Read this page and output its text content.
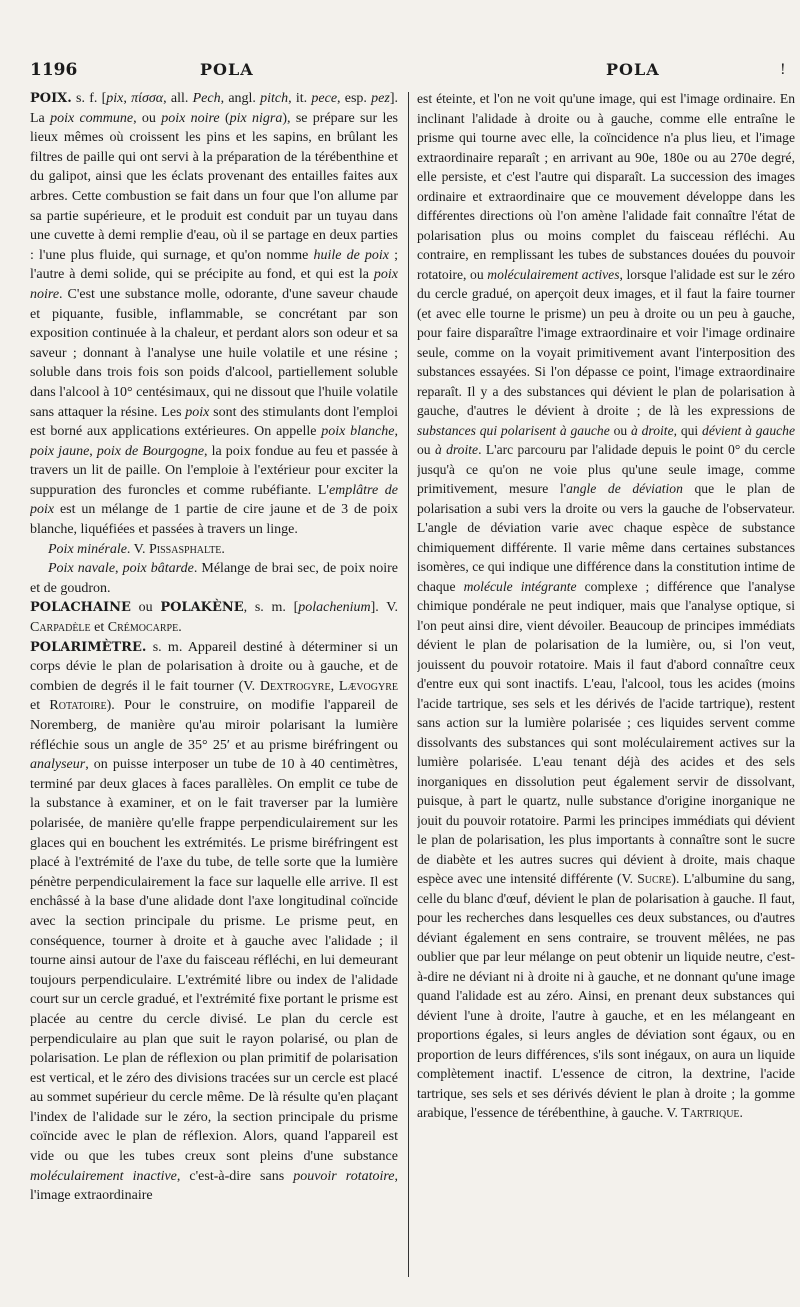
1196	POLA	POLA	!

POIX. s. f. [pix, πίσσα, all. Pech, angl. pitch, it. pece, esp. pez]. La poix commune, ou poix noire (pix nigra), se prépare sur les lieux mêmes où croissent les pins et les sapins, en brûlant les filtres de paille qui ont servi à la préparation de la térébenthine et du galipot, ainsi que les éclats provenant des entailles faites aux arbres. Cette combustion se fait dans un four que l'on allume par sa partie supérieure, et le produit est conduit par un tuyau dans une cuvette à demi remplie d'eau, où il se partage en deux parties : l'une plus fluide, qui surnage, et qu'on nomme huile de poix ; l'autre à demi solide, qui se précipite au fond, et qui est la poix noire. C'est une substance molle, odorante, d'une saveur chaude et piquante, fusible, inflammable, se concrétant par son exposition continuée à la chaleur, et perdant alors son odeur et sa saveur ; donnant à l'analyse une huile volatile et une résine ; soluble dans trois fois son poids d'alcool, partiellement soluble dans l'alcool à 10° centésimaux, qui ne dissout que l'huile volatile sans attaquer la résine. Les poix sont des stimulants dont l'emploi est borné aux applications extérieures. On appelle poix blanche, poix jaune, poix de Bourgogne, la poix fondue au feu et passée à travers un lit de paille. On l'emploie à l'extérieur pour exciter la suppuration des furoncles et comme rubéfiante. L'emplâtre de poix est un mélange de 1 partie de cire jaune et de 3 de poix blanche, liquéfiées et passées à travers un linge.

Poix minérale. V. Pissasphalte.

Poix navale, poix bâtarde. Mélange de brai sec, de poix noire et de goudron.

POLACHAINE ou POLAKÈNE, s. m. [polachenium]. V. Carpadèle et Crémocarpe.

POLARIMÈTRE. s. m. Appareil destiné à déterminer si un corps dévie le plan de polarisation à droite ou à gauche, et de combien de degrés il le fait tourner (V. Dextrogyre, Lævogyre et Rotatoire). Pour le construire, on modifie l'appareil de Noremberg, de manière qu'au miroir polarisant la lumière réfléchie sous un angle de 35° 25′ et au prisme biréfringent ou analyseur, on puisse interposer un tube de 10 à 40 centimètres, terminé par deux glaces à faces parallèles. On emplit ce tube de la substance à examiner, et on le fait traverser par la lumière polarisée, de manière qu'elle frappe perpendiculairement sur les glaces qui en bouchent les extrémités. Le prisme biréfringent est placé à l'extrémité de l'axe du tube, de telle sorte que la lumière pénètre perpendiculairement la face sur laquelle elle arrive. Il est enchâssé à la base d'une alidade dont l'axe longitudinal coïncide avec la section principale du prisme. Le prisme peut, en conséquence, tourner à droite et à gauche avec l'alidade ; il tourne ainsi autour de l'axe du faisceau réfléchi, en lui demeurant toujours perpendiculaire. L'extrémité libre ou index de l'alidade court sur un cercle gradué, et l'extrémité fixe portant le prisme est placée au centre du cercle divisé. Le plan du cercle est perpendiculaire au plan que suit le rayon polarisé, ou plan de polarisation. Le plan de réflexion ou plan primitif de polarisation est vertical, et le zéro des divisions tracées sur un cercle est placé au sommet supérieur du cercle même. De là résulte qu'en plaçant l'index de l'alidade sur le zéro, la section principale du prisme coïncide avec le plan de réflexion. Alors, quand l'appareil est vide ou que les tubes creux sont pleins d'une substance moléculairement inactive, c'est-à-dire sans pouvoir rotatoire, l'image extraordinaire

est éteinte, et l'on ne voit qu'une image, qui est l'image ordinaire. En inclinant l'alidade à droite ou à gauche, comme elle entraîne le prisme qui tourne avec elle, la coïncidence n'a plus lieu, et l'image extraordinaire reparaît ; en arrivant au 90e, 180e ou au 270e degré, elle persiste, et c'est l'autre qui disparaît. La succession des images ordinaire et extraordinaire que ce mouvement développe dans les différentes directions où l'on amène l'alidade fait connaître l'état de polarisation plus ou moins complet du faisceau réfléchi. Au contraire, en remplissant les tubes de substances douées du pouvoir rotatoire, ou moléculairement actives, lorsque l'alidade est sur le zéro du cercle gradué, on aperçoit deux images, et il faut la faire tourner (et avec elle tourne le prisme) un peu à droite ou un peu à gauche, pour faire disparaître l'image extraordinaire et voir l'image ordinaire seule, comme on la voyait primitivement avant l'interposition des substances essayées. Si l'on dépasse ce point, l'image extraordinaire reparaît. Il y a des substances qui dévient le plan de polarisation à gauche, d'autres le dévient à droite ; de là les expressions de substances qui polarisent à gauche ou à droite, qui dévient à gauche ou à droite. L'arc parcouru par l'alidade depuis le point 0° du cercle jusqu'à ce qu'on ne voie plus qu'une seule image, comme primitivement, mesure l'angle de déviation que le plan de polarisation a subi vers la droite ou vers la gauche de l'observateur. L'angle de déviation varie avec chaque espèce de substance chimiquement différente. Il varie même dans certaines substances isomères, ce qui indique une différence dans la constitution intime de chaque molécule intégrante complexe ; différence que l'analyse chimique pondérale ne peut indiquer, mais que l'analyse optique, si l'on peut ainsi dire, vient dévoiler. Beaucoup de principes immédiats dévient le plan de polarisation de la lumière, ou, si l'on veut, jouissent du pouvoir rotatoire. Mais il faut d'abord connaître ceux d'entre eux qui sont inactifs. L'eau, l'alcool, tous les acides (moins l'acide tartrique, ses sels et les dérivés de l'acide tartrique), restent sans action sur la lumière polarisée ; ces liquides servent comme dissolvants des substances qui sont moléculairement actives sur la lumière polarisée. L'eau tenant déjà des acides et des sels inorganiques en dissolution peut également servir de dissolvant, puisque, à part le quartz, nulle substance d'origine inorganique ne jouit du pouvoir rotatoire. Parmi les principes immédiats qui dévient le plan de polarisation, les plus importants à connaître sont le sucre de diabète et les autres sucres qui dévient à droite, mais chaque espèce avec une intensité différente (V. Sucre). L'albumine du sang, celle du blanc d'œuf, dévient le plan de polarisation à gauche. Il faut, pour les recherches dans lesquelles ces deux substances, ou d'autres déviant également en sens contraire, se trouvent mêlées, ne pas oublier que par leur mélange on peut obtenir un liquide neutre, c'est-à-dire ne déviant ni à droite ni à gauche, et ne donnant qu'une image quand l'alidade est au zéro. Ainsi, en prenant deux substances qui dévient l'une à droite, l'autre à gauche, et en les mélangeant en proportions égales, si leurs angles de déviation sont égaux, ou en proportion de leurs différences, s'ils sont inégaux, on aura un liquide complètement inactif. L'essence de citron, la dextrine, l'acide tartrique, ses sels et ses dérivés dévient le plan à droite ; la gomme arabique, l'essence de térébenthine, à gauche. V. Tartrique.
